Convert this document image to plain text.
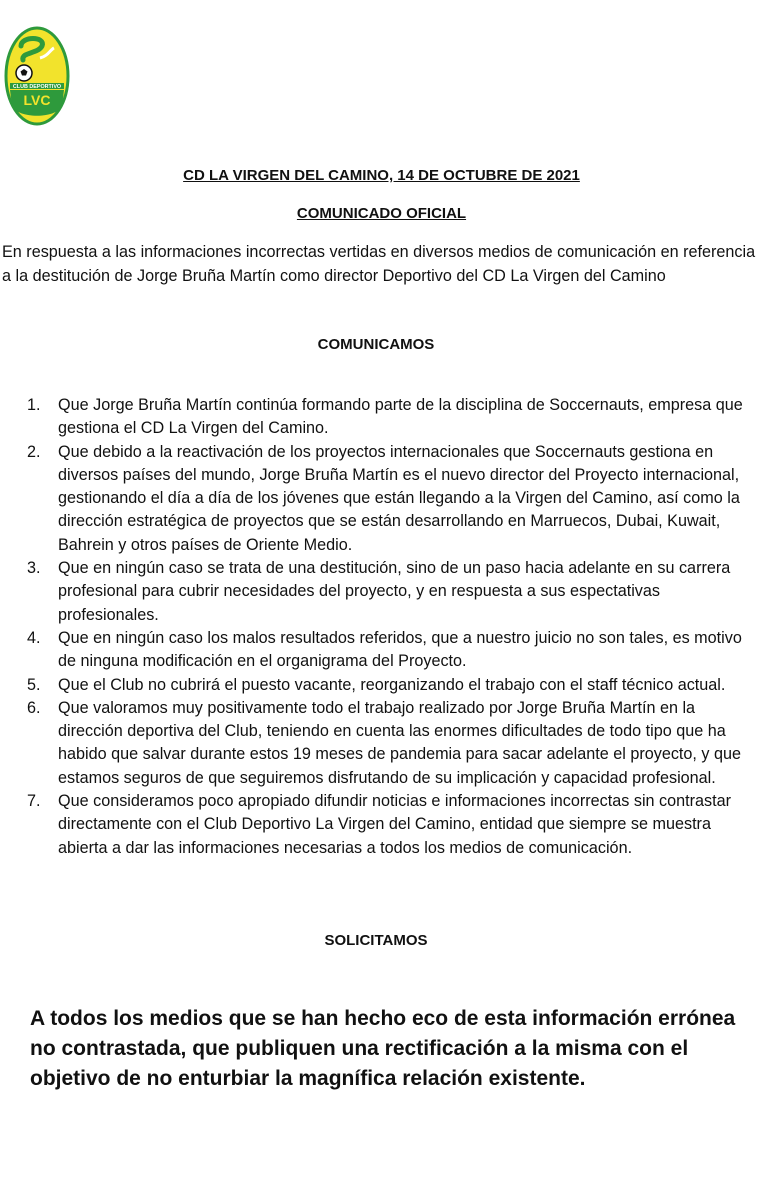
CLUB DEPORTIVO
LVC
CD LA VIRGEN DEL CAMINO, 14 DE OCTUBRE DE 2021
COMUNICADO OFICIAL
En respuesta a las informaciones incorrectas vertidas en diversos medios de comunicación en referencia a la destitución de Jorge Bruña Martín como director Deportivo del CD La Virgen del Camino
COMUNICAMOS
1. Que Jorge Bruña Martín continúa formando parte de la disciplina de Soccernauts, empresa que gestiona el CD La Virgen del Camino.
2. Que debido a la reactivación de los proyectos internacionales que Soccernauts gestiona en diversos países del mundo, Jorge Bruña Martín es el nuevo director del Proyecto internacional, gestionando el día a día de los jóvenes que están llegando a la Virgen del Camino, así como la dirección estratégica de proyectos que se están desarrollando en Marruecos, Dubai, Kuwait, Bahrein y otros países de Oriente Medio.
3. Que en ningún caso se trata de una destitución, sino de un paso hacia adelante en su carrera profesional para cubrir necesidades del proyecto, y en respuesta a sus espectativas profesionales.
4. Que en ningún caso los malos resultados referidos, que a nuestro juicio no son tales, es motivo de ninguna modificación en el organigrama del Proyecto.
5. Que el Club no cubrirá el puesto vacante, reorganizando el trabajo con el staff técnico actual.
6. Que valoramos muy positivamente todo el trabajo realizado por Jorge Bruña Martín en la dirección deportiva del Club, teniendo en cuenta las enormes dificultades de todo tipo que ha habido que salvar durante estos 19 meses de pandemia para sacar adelante el proyecto, y que estamos seguros de que seguiremos disfrutando de su implicación y capacidad profesional.
7. Que consideramos poco apropiado difundir noticias e informaciones incorrectas sin contrastar directamente con el Club Deportivo La Virgen del Camino, entidad que siempre se muestra abierta a dar las informaciones necesarias a todos los medios de comunicación.
SOLICITAMOS
A todos los medios que se han hecho eco de esta información errónea no contrastada, que publiquen una rectificación a la misma con el objetivo de no enturbiar la magnífica relación existente.
